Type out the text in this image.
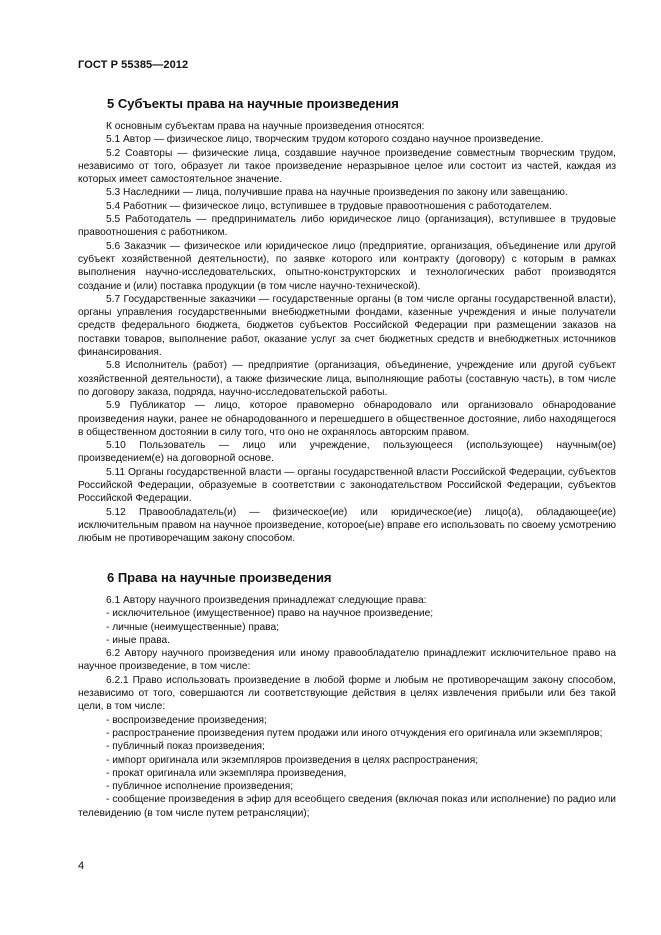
ГОСТ Р 55385—2012
5 Субъекты права на научные произведения

К основным субъектам права на научные произведения относятся:

5.1 Автор — физическое лицо, творческим трудом которого создано научное произведение.

5.2 Соавторы — физические лица, создавшие научное произведение совместным творческим трудом, независимо от того, образует ли такое произведение неразрывное целое или состоит из частей, каждая из которых имеет самостоятельное значение.

5.3 Наследники — лица, получившие права на научные произведения по закону или завещанию.

5.4 Работник — физическое лицо, вступившее в трудовые правоотношения с работодателем.

5.5 Работодатель — предприниматель либо юридическое лицо (организация), вступившее в трудовые правоотношения с работником.

5.6 Заказчик — физическое или юридическое лицо (предприятие, организация, объединение или другой субъект хозяйственной деятельности), по заявке которого или контракту (договору) с которым в рамках выполнения научно-исследовательских, опытно-конструкторских и технологических работ производятся создание и (или) поставка продукции (в том числе научно-технической).

5.7 Государственные заказчики — государственные органы (в том числе органы государственной власти), органы управления государственными внебюджетными фондами, казенные учреждения и иные получатели средств федерального бюджета, бюджетов субъектов Российской Федерации при размещении заказов на поставки товаров, выполнение работ, оказание услуг за счет бюджетных средств и внебюджетных источников финансирования.

5.8 Исполнитель (работ) — предприятие (организация, объединение, учреждение или другой субъект хозяйственной деятельности), а также физические лица, выполняющие работы (составную часть), в том числе по договору заказа, подряда, научно-исследовательской работы.

5.9 Публикатор — лицо, которое правомерно обнародовало или организовало обнародование произведения науки, ранее не обнародованного и перешедшего в общественное достояние, либо находящегося в общественном достоянии в силу того, что оно не охранялось авторским правом.

5.10 Пользователь — лицо или учреждение, пользующееся (использующее) научным(ое) произведением(е) на договорной основе.

5.11 Органы государственной власти — органы государственной власти Российской Федерации, субъектов Российской Федерации, образуемые в соответствии с законодательством Российской Федерации, субъектов Российской Федерации.

5.12 Правообладатель(и) — физическое(ие) или юридическое(ие) лицо(а), обладающее(ие) исключительным правом на научное произведение, которое(ые) вправе его использовать по своему усмотрению любым не противоречащим закону способом.

6 Права на научные произведения

6.1 Автору научного произведения принадлежат следующие права:

- исключительное (имущественное) право на научное произведение;

- личные (неимущественные) права;

- иные права.

6.2 Автору научного произведения или иному правообладателю принадлежит исключительное право на научное произведение, в том числе:

6.2.1 Право использовать произведение в любой форме и любым не противоречащим закону способом, независимо от того, совершаются ли соответствующие действия в целях извлечения прибыли или без такой цели, в том числе:

- воспроизведение произведения;

- распространение произведения путем продажи или иного отчуждения его оригинала или экземпляров;

- публичный показ произведения;

- импорт оригинала или экземпляров произведения в целях распространения;

- прокат оригинала или экземпляра произведения,

- публичное исполнение произведения;

- сообщение произведения в эфир для всеобщего сведения (включая показ или исполнение) по радио или телевидению (в том числе путем ретрансляции);

4
